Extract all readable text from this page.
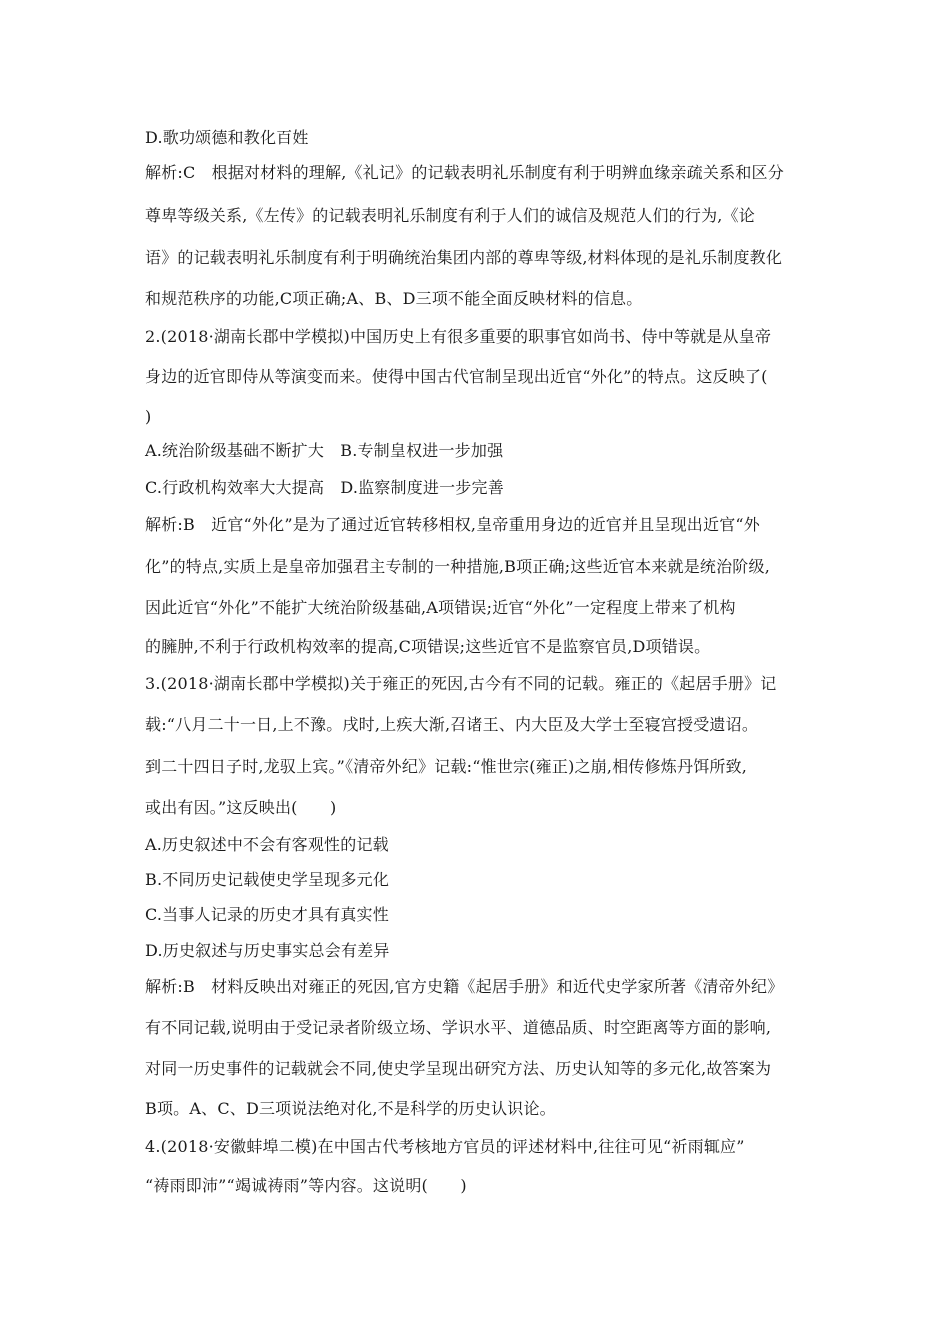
D.歌功颂德和教化百姓
解析:C　根据对材料的理解,《礼记》的记载表明礼乐制度有利于明辨血缘亲疏关系和区分
尊卑等级关系,《左传》的记载表明礼乐制度有利于人们的诚信及规范人们的行为,《论
语》的记载表明礼乐制度有利于明确统治集团内部的尊卑等级,材料体现的是礼乐制度教化
和规范秩序的功能,C项正确;A、B、D三项不能全面反映材料的信息。
2.(2018·湖南长郡中学模拟)中国历史上有很多重要的职事官如尚书、侍中等就是从皇帝
身边的近官即侍从等演变而来。使得中国古代官制呈现出近官“外化”的特点。这反映了(
)
A.统治阶级基础不断扩大　B.专制皇权进一步加强
C.行政机构效率大大提高　D.监察制度进一步完善
解析:B　近官“外化”是为了通过近官转移相权,皇帝重用身边的近官并且呈现出近官“外
化”的特点,实质上是皇帝加强君主专制的一种措施,B项正确;这些近官本来就是统治阶级,
因此近官“外化”不能扩大统治阶级基础,A项错误;近官“外化”一定程度上带来了机构
的臃肿,不利于行政机构效率的提高,C项错误;这些近官不是监察官员,D项错误。
3.(2018·湖南长郡中学模拟)关于雍正的死因,古今有不同的记载。雍正的《起居手册》记
载:“八月二十一日,上不豫。戌时,上疾大渐,召诸王、内大臣及大学士至寝宫授受遗诏。
到二十四日子时,龙驭上宾。”《清帝外纪》记载:“惟世宗(雍正)之崩,相传修炼丹饵所致,
或出有因。”这反映出(　　)
A.历史叙述中不会有客观性的记载
B.不同历史记载使史学呈现多元化
C.当事人记录的历史才具有真实性
D.历史叙述与历史事实总会有差异
解析:B　材料反映出对雍正的死因,官方史籍《起居手册》和近代史学家所著《清帝外纪》
有不同记载,说明由于受记录者阶级立场、学识水平、道德品质、时空距离等方面的影响,
对同一历史事件的记载就会不同,使史学呈现出研究方法、历史认知等的多元化,故答案为
B项。A、C、D三项说法绝对化,不是科学的历史认识论。
4.(2018·安徽蚌埠二模)在中国古代考核地方官员的评述材料中,往往可见“祈雨辄应”
“祷雨即沛”“竭诚祷雨”等内容。这说明(　　)
